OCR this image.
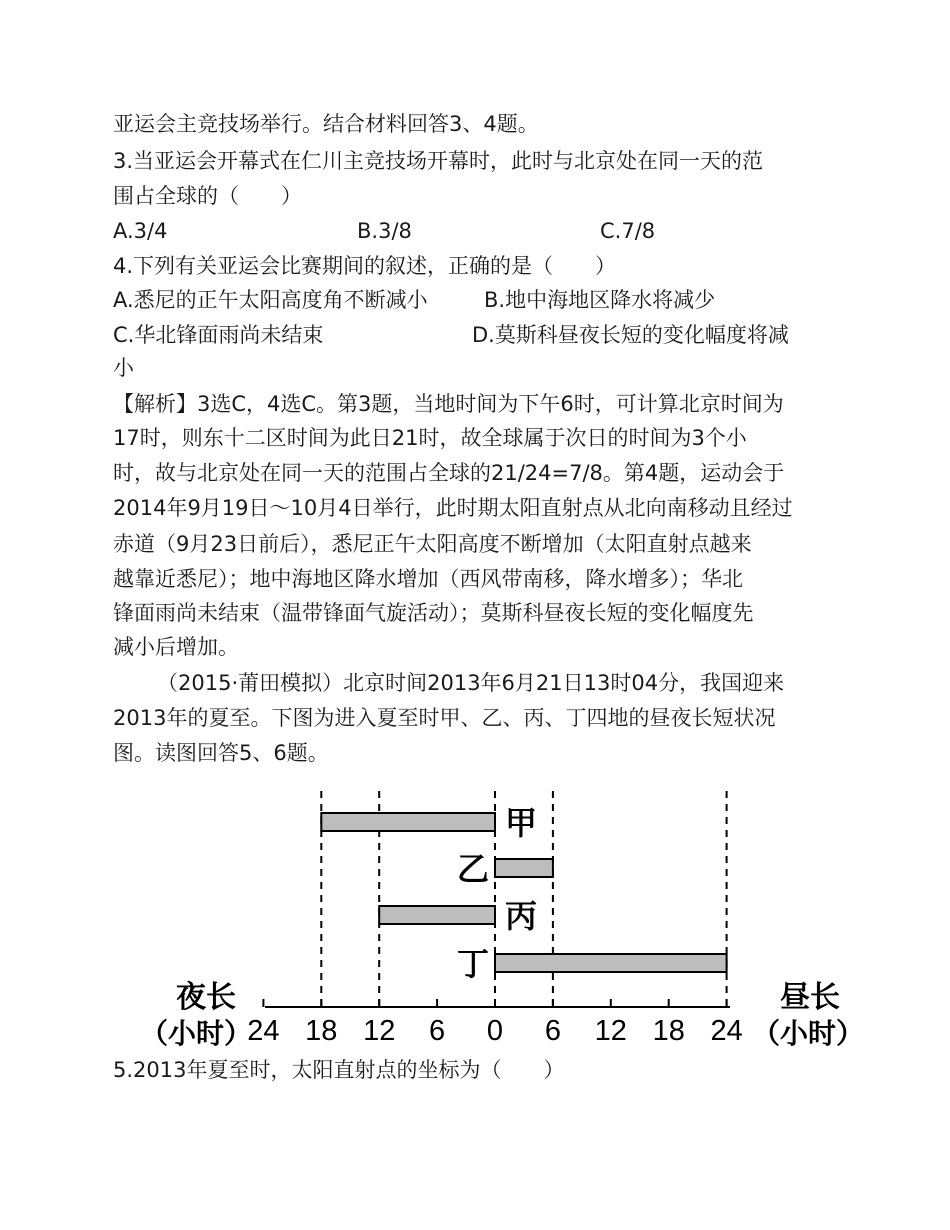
亚运会主竞技场举行。结合材料回答3、4题。
3.当亚运会开幕式在仁川主竞技场开幕时，此时与北京处在同一天的范
围占全球的（　　）
A.3/4	B.3/8	C.7/8
4.下列有关亚运会比赛期间的叙述，正确的是（　　）
A.悉尼的正午太阳高度角不断减小	B.地中海地区降水将减少
C.华北锋面雨尚未结束	D.莫斯科昼夜长短的变化幅度将减
小
【解析】3选C，4选C。第3题，当地时间为下午6时，可计算北京时间为
17时，则东十二区时间为此日21时，故全球属于次日的时间为3个小
时，故与北京处在同一天的范围占全球的21/24=7/8。第4题，运动会于
2014年9月19日～10月4日举行，此时期太阳直射点从北向南移动且经过
赤道（9月23日前后），悉尼正午太阳高度不断增加（太阳直射点越来
越靠近悉尼）；地中海地区降水增加（西风带南移，降水增多）；华北
锋面雨尚未结束（温带锋面气旋活动）；莫斯科昼夜长短的变化幅度先
减小后增加。
（2015·莆田模拟）北京时间2013年6月21日13时04分，我国迎来
2013年的夏至。下图为进入夏至时甲、乙、丙、丁四地的昼夜长短状况
图。读图回答5、6题。
甲
乙
丙
丁
24 18 12 6 0 6 12 18 24
夜长
（小时）
昼长
（小时）
5.2013年夏至时，太阳直射点的坐标为（　　）
